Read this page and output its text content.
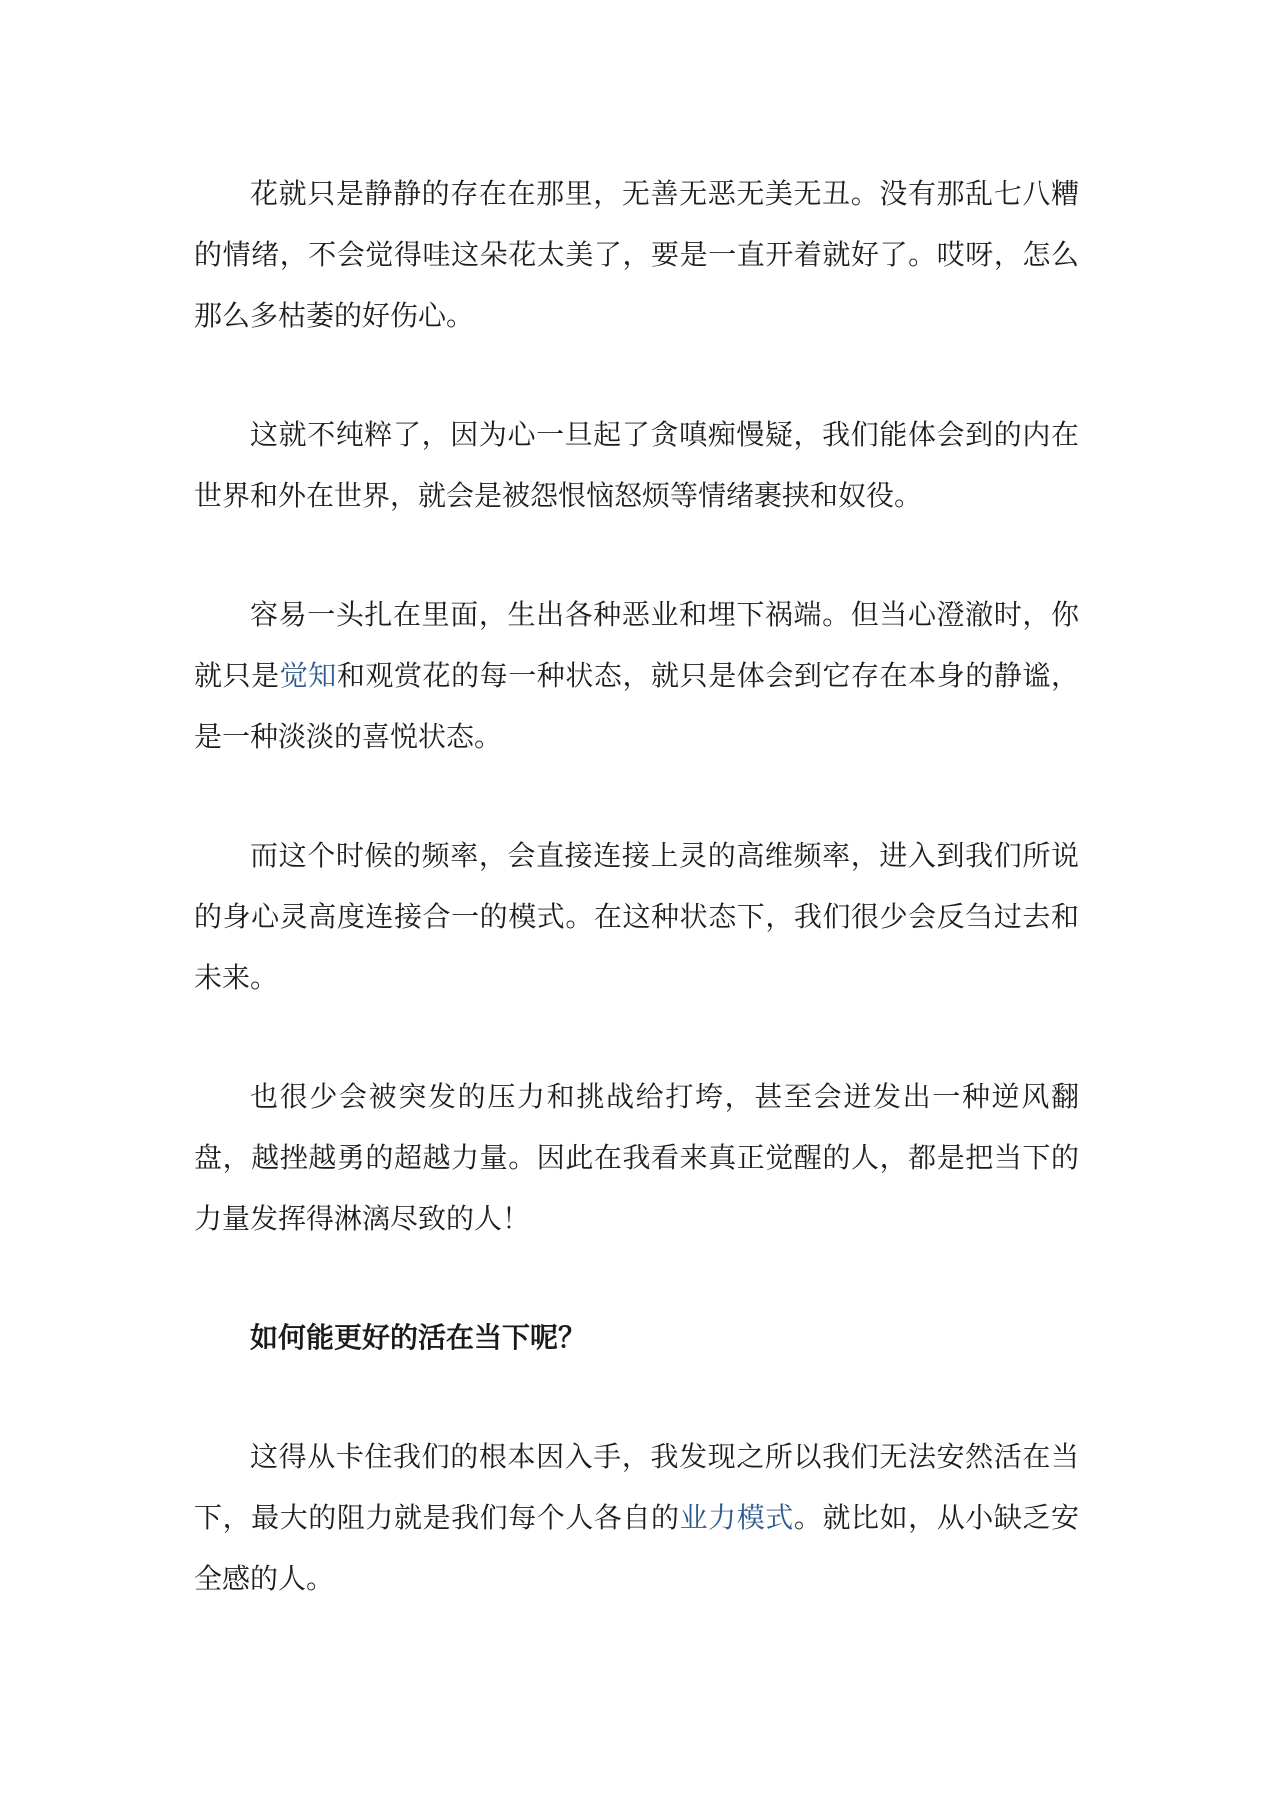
花就只是静静的存在在那里，无善无恶无美无丑。没有那乱七八糟的情绪，不会觉得哇这朵花太美了，要是一直开着就好了。哎呀，怎么那么多枯萎的好伤心。

这就不纯粹了，因为心一旦起了贪嗔痴慢疑，我们能体会到的内在世界和外在世界，就会是被怨恨恼怒烦等情绪裹挟和奴役。

容易一头扎在里面，生出各种恶业和埋下祸端。但当心澄澈时，你就只是觉知和观赏花的每一种状态，就只是体会到它存在本身的静谧，是一种淡淡的喜悦状态。

而这个时候的频率，会直接连接上灵的高维频率，进入到我们所说的身心灵高度连接合一的模式。在这种状态下，我们很少会反刍过去和未来。

也很少会被突发的压力和挑战给打垮，甚至会迸发出一种逆风翻盘，越挫越勇的超越力量。因此在我看来真正觉醒的人，都是把当下的力量发挥得淋漓尽致的人！

如何能更好的活在当下呢？

这得从卡住我们的根本因入手，我发现之所以我们无法安然活在当下，最大的阻力就是我们每个人各自的业力模式。就比如，从小缺乏安全感的人。
